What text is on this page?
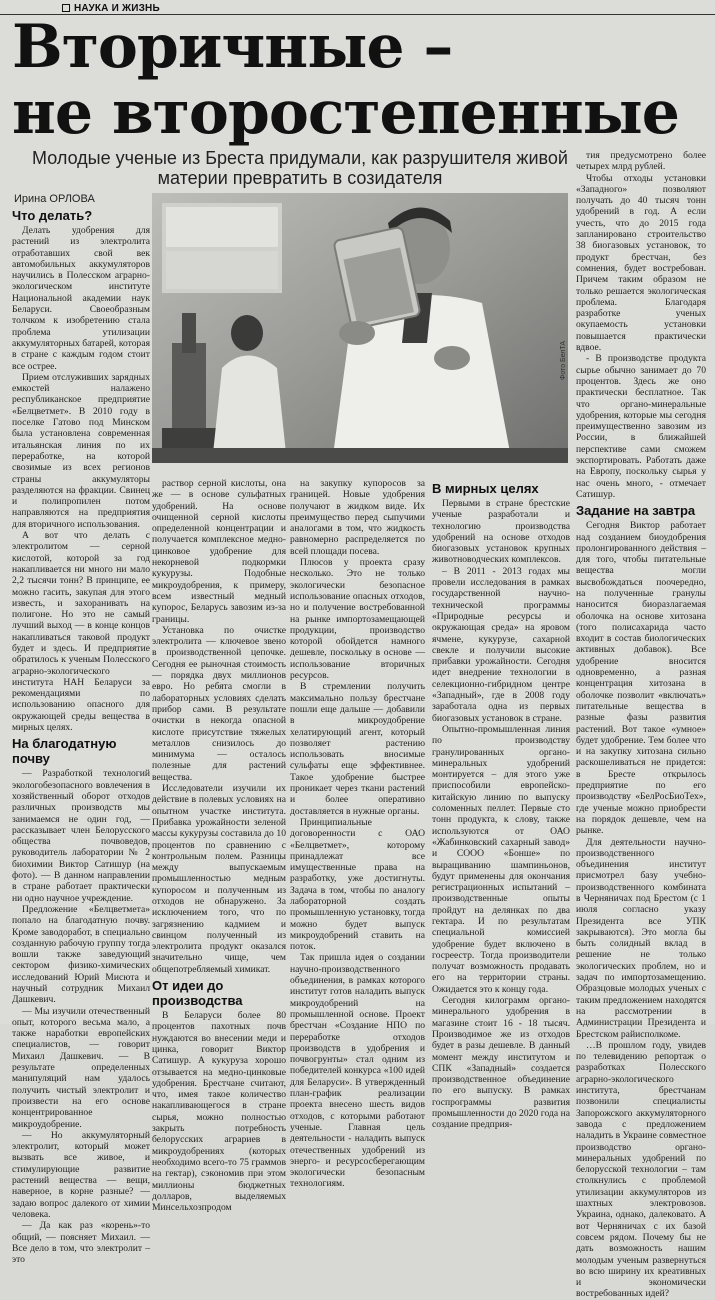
НАУКА И ЖИЗНЬ
Вторичные –
не второстепенные
Молодые ученые из Бреста придумали, как разрушителя живой материи превратить в созидателя
Ирина ОРЛОВА
Фото БелТА
Что делать?

Делать удобрения для растений из электролита отработавших свой век автомобильных аккумуляторов научились в Полесском аграрно-экологическом институте Национальной академии наук Беларуси. Своеобразным толчком к изобретению стала проблема утилизации аккумуляторных батарей, которая в стране с каждым годом стоит все острее.

Прием отслуживших зарядных емкостей налажено республиканское предприятие «Белцветмет». В 2010 году в поселке Гатово под Минском была установлена современная итальянская линия по их переработке, на которой свозимые из всех регионов страны аккумуляторы разделяются на фракции. Свинец и полипропилен потом направляются на предприятия для вторичного использования.

А вот что делать с электролитом — серной кислотой, которой за год накапливается ни много ни мало 2,2 тысячи тонн? В принципе, ее можно гасить, закупая для этого известь, и захоранивать на полигоне. Но это не самый лучший выход — в конце концов накапливаться таковой продукт будет и здесь. И предприятие обратилось к ученым Полесского аграрно-экологического института НАН Беларуси за рекомендациями по использованию опасного для окружающей среды вещества в мирных целях.

На благодатную почву

— Разработкой технологий экологобезопасного вовлечения в хозяйственный оборот отходов различных производств мы занимаемся не один год, — рассказывает член Белорусского общества почвоведов, руководитель лаборатории № 2 биохимии Виктор Сатишур (на фото). — В данном направлении в стране работает практически ни одно научное учреждение.

Предложение «Белцветмета» попало на благодатную почву. Кроме заводоработ, в специально созданную рабочую группу тогда вошли также заведующий сектором физико-химических исследований Юрий Мисюта и научный сотрудник Михаил Дашкевич.

— Мы изучили отечественный опыт, которого весьма мало, а также наработки европейских специалистов, — говорит Михаил Дашкевич. — В результате определенных манипуляций нам удалось получить чистый электролит и произвести на его основе концентрированное микроудобрение.

— Но аккумуляторный электролит, который может вызвать все живое, и стимулирующие развитие растений вещества — вещи, наверное, в корне разные? — задаю вопрос далекого от химии человека.

— Да как раз «корень»-то общий, — поясняет Михаил. — Все дело в том, что электролит – это

раствор серной кислоты, она же — в основе сульфатных удобрений. На основе очищенной серной кислоты определенной концентрации и получается комплексное медно-цинковое удобрение для некорневой подкормки кукурузы. Подобные микроудобрения, к примеру, всем известный медный купорос, Беларусь завозим из-за границы.

Установка по очистке электролита — ключевое звено в производственной цепочке. Сегодня ее рыночная стоимость — порядка двух миллионов евро. Но ребята смогли в лабораторных условиях сделать прибор сами. В результате очистки в некогда опасной кислоте присутствие тяжелых металлов снизилось до минимума — осталось полезные для растений вещества.

Исследователи изучили их действие в полевых условиях на опытном участке института. Прибавка урожайности зеленой массы кукурузы составила до 10 процентов по сравнению с контрольным полем. Разницы между выпускаемым промышленностью медным купоросом и полученным из отходов не обнаружено. За исключением того, что по загрязнению кадмием и свинцом полученный из электролита продукт оказался значительно чище, чем общепотребляемый химикат.

От идеи до производства

В Беларуси более 80 процентов пахотных почв нуждаются во внесении меди и цинка, говорит Виктор Сатишур. А кукуруза хорошо отзывается на медно-цинковые удобрения. Брестчане считают, что, имея такое количество накапливающегося в стране сырья, можно полностью закрыть потребность белорусских аграриев в микроудобрениях (которых необходимо всего-то 75 граммов на гектар), сэкономив при этом миллионы бюджетных долларов, выделяемых Минсельхозпродом

на закупку купоросов за границей. Новые удобрения получают в жидком виде. Их преимущество перед сыпучими аналогами в том, что жидкость равномерно распределяется по всей площади посева.

Плюсов у проекта сразу несколько. Это не только экологически безопасное использование опасных отходов, но и получение востребованной на рынке импортозамещающей продукции, производство которой обойдется намного дешевле, поскольку в основе — использование вторичных ресурсов.

В стремлении получить максимально пользу брестчане пошли еще дальше — добавили в микроудобрение хелатирующий агент, который позволяет растению использовать вносимые сульфаты еще эффективнее. Такое удобрение быстрее проникает через ткани растений и более оперативно доставляется в нужные органы.

Принципиальные договоренности с ОАО «Белцветмет», которому принадлежат все имущественные права на разработку, уже достигнуты. Задача в том, чтобы по аналогу лабораторной создать промышленную установку, тогда можно будет выпуск микроудобрений ставить на поток.

Так пришла идея о создании научно-производственного объединения, в рамках которого институт готов наладить выпуск микроудобрений на промышленной основе. Проект брестчан «Создание НПО по переработке отходов производств в удобрения и почвогрунты» стал одним из победителей конкурса «100 идей для Беларуси». В утвержденный план-график реализации проекта внесено шесть видов отходов, с которыми работают ученые. Главная цель деятельности - наладить выпуск отечественных удобрений из энерго- и ресурсосберегающим экологически безопасным технологиям.

В мирных целях

Первыми в стране брестские ученые разработали и технологию производства удобрений на основе отходов биогазовых установок крупных животноводческих комплексов.

– В 2011 - 2013 годах мы провели исследования в рамках государственной научно-технической программы «Природные ресурсы и окружающая среда» на яровом ячмене, кукурузе, сахарной свекле и получили высокие прибавки урожайности. Сегодня идет внедрение технологии в селекционно-гибридном центре «Западный», где в 2008 году заработала одна из первых биогазовых установок в стране.

Опытно-промышленная линия по производству гранулированных органо-минеральных удобрений монтируется – для этого уже приспособили европейско-китайскую линию по выпуску соломенных пеллет. Первые сто тонн продукта, к слову, также используются от ОАО «Жабинковский сахарный завод» и СООО «Бонше» по выращиванию шампиньонов, будут применены для окончания регистрационных испытаний – производственные опыты пройдут на делянках по два гектара. И по результатам специальной комиссией удобрение будет включено в госреестр. Тогда производители получат возможность продавать его на территории страны. Ожидается это к концу года.

Сегодня килограмм органо-минерального удобрения в магазине стоит 16 - 18 тысяч. Производимое же из отходов будет в разы дешевле. В данный момент между институтом и СПК «Западный» создается производственное объединение по его выпуску. В рамках госпрограммы развития промышленности до 2020 года на создание предприя-

тия предусмотрено более четырех млрд рублей.

Чтобы отходы установки «Западного» позволяют получать до 40 тысяч тонн удобрений в год. А если учесть, что до 2015 года запланировано строительство 38 биогазовых установок, то продукт брестчан, без сомнения, будет востребован. Причем таким образом не только решается экологическая проблема. Благодаря разработке ученых окупаемость установки повышается практически вдвое.

- В производстве продукта сырье обычно занимает до 70 процентов. Здесь же оно практически бесплатное. Так что органо-минеральные удобрения, которые мы сегодня преимущественно завозим из России, в ближайшей перспективе сами сможем экспортировать. Работать даже на Европу, поскольку сырья у нас очень много, - отмечает Сатишур.

Задание на завтра

Сегодня Виктор работает над созданием биоудобрения пролонгированного действия – для того, чтобы питательные вещества могли высвобождаться поочередно, на полученные гранулы наносится биоразлагаемая оболочка на основе хитозана (того полисахарида часто входит в состав биологических активных добавок). Все удобрение вносится одновременно, а разная концентрация хитозана в оболочке позволит «включать» питательные вещества в разные фазы развития растений. Вот такое «умное» будет удобрение. Тем более что и на закупку хитозана сильно раскошеливаться не придется: в Бресте открылось предприятие по его производству «БелРосБиоТех», где ученые можно приобрести на порядок дешевле, чем на рынке.

Для деятельности научно-производственного объединения институт присмотрел базу учебно-производственного комбината в Черняничах под Брестом (с 1 июля согласно указу Президента все УПК закрываются). Это могла бы быть солидный вклад в решение не только экологических проблем, но и задач по импортозамещению. Образцовые молодых ученых с таким предложением находятся на рассмотрении в Администрации Президента и Брестском райисполкоме.

…В прошлом году, увидев по телевидению репортаж о разработках Полесского аграрно-экологического института, брестчанам позвонили специалисты Запорожского аккумуляторного завода с предложением наладить в Украине совместное производство органо-минеральных удобрений по белорусской технологии – там столкнулись с проблемой утилизации аккумуляторов из шахтных электровозов. Украина, однако, далековато. А вот Черняничах с их базой совсем рядом. Почему бы не дать возможность нашим молодым ученым развернуться во всю ширину их креативных и экономически востребованных идей?
